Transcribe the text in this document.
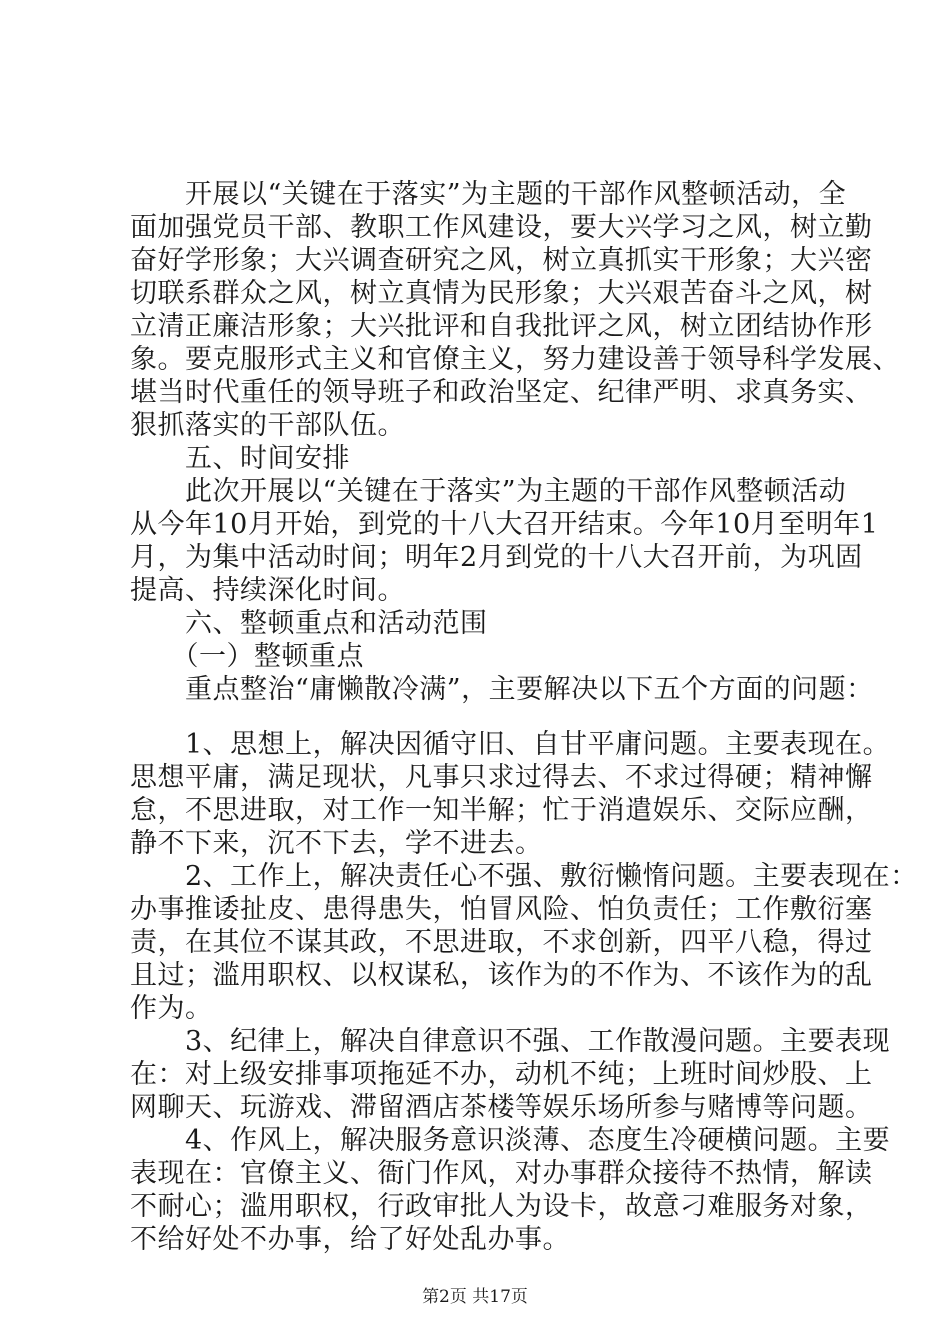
　　开展以“关键在于落实”为主题的干部作风整顿活动，全
面加强党员干部、教职工作风建设，要大兴学习之风，树立勤
奋好学形象；大兴调查研究之风，树立真抓实干形象；大兴密
切联系群众之风，树立真情为民形象；大兴艰苦奋斗之风，树
立清正廉洁形象；大兴批评和自我批评之风，树立团结协作形
象。要克服形式主义和官僚主义，努力建设善于领导科学发展、
堪当时代重任的领导班子和政治坚定、纪律严明、求真务实、
狠抓落实的干部队伍。
　　五、时间安排
　　此次开展以“关键在于落实”为主题的干部作风整顿活动
从今年10月开始，到党的十八大召开结束。今年10月至明年1
月，为集中活动时间；明年2月到党的十八大召开前，为巩固
提高、持续深化时间。
　　六、整顿重点和活动范围
　　（一）整顿重点
　　重点整治“庸懒散冷满”，主要解决以下五个方面的问题：
　　1、思想上，解决因循守旧、自甘平庸问题。主要表现在。
思想平庸，满足现状，凡事只求过得去、不求过得硬；精神懈
怠，不思进取，对工作一知半解；忙于消遣娱乐、交际应酬，
静不下来，沉不下去，学不进去。
　　2、工作上，解决责任心不强、敷衍懒惰问题。主要表现在：
办事推诿扯皮、患得患失，怕冒风险、怕负责任；工作敷衍塞
责，在其位不谋其政，不思进取，不求创新，四平八稳，得过
且过；滥用职权、以权谋私，该作为的不作为、不该作为的乱
作为。
　　3、纪律上，解决自律意识不强、工作散漫问题。主要表现
在：对上级安排事项拖延不办，动机不纯；上班时间炒股、上
网聊天、玩游戏、滞留酒店茶楼等娱乐场所参与赌博等问题。
　　4、作风上，解决服务意识淡薄、态度生冷硬横问题。主要
表现在：官僚主义、衙门作风，对办事群众接待不热情，解读
不耐心；滥用职权，行政审批人为设卡，故意刁难服务对象，
不给好处不办事，给了好处乱办事。
第2页 共17页
